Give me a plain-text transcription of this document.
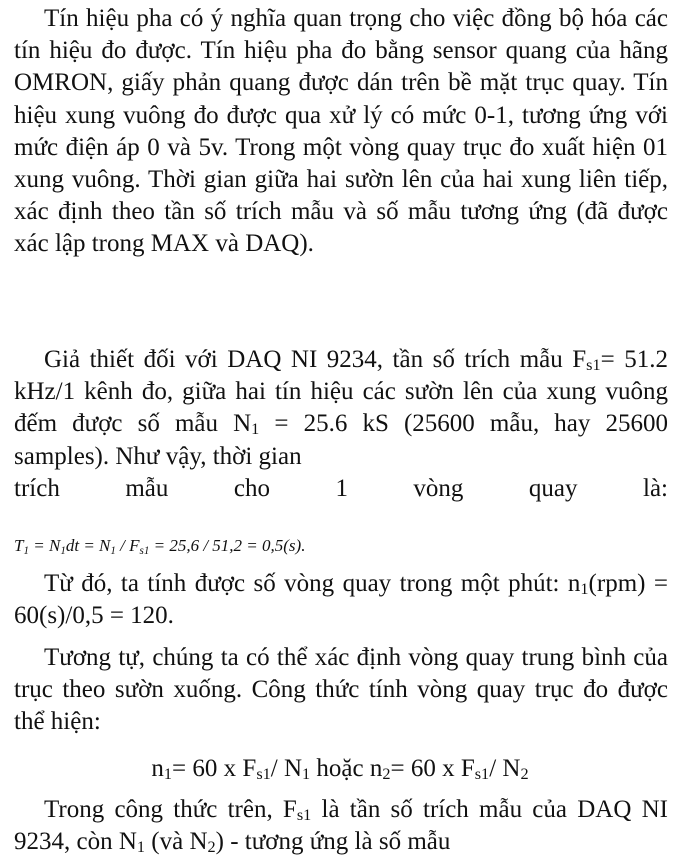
Tín hiệu pha có ý nghĩa quan trọng cho việc đồng bộ hóa các tín hiệu đo được. Tín hiệu pha đo bằng sensor quang của hãng OMRON, giấy phản quang được dán trên bề mặt trục quay. Tín hiệu xung vuông đo được qua xử lý có mức 0-1, tương ứng với mức điện áp 0 và 5v. Trong một vòng quay trục đo xuất hiện 01 xung vuông. Thời gian giữa hai sườn lên của hai xung liên tiếp, xác định theo tần số trích mẫu và số mẫu tương ứng (đã được xác lập trong MAX và DAQ).

Giả thiết đối với DAQ NI 9234, tần số trích mẫu $F_{s1}= 51.2$ kHz/1 kênh đo, giữa hai tín hiệu các sườn lên của xung vuông đếm được số mẫu $N_1 = 25.6$ kS (25600 mẫu, hay 25600 samples). Như vậy, thời gian
trích	mẫu	cho	1	vòng	quay	là:

$T_1 = N_1dt = N_1 / F_{s1} = 25,6 / 51,2 = 0,5(s)$.

Từ đó, ta tính được số vòng quay trong một phút: $n_1(rpm) = 60(s)/0,5 = 120$.

Tương tự, chúng ta có thể xác định vòng quay trung bình của trục theo sườn xuống. Công thức tính vòng quay trục đo được thể hiện:

$n_1= 60$ x $F_{s1}/$ $N_1$ hoặc $n_2= 60$ x $F_{s1}/$ $N_2$

Trong công thức trên, $F_{s1}$ là tần số trích mẫu của DAQ NI 9234, còn $N_1$ (và $N_2$) - tương ứng là số mẫu
